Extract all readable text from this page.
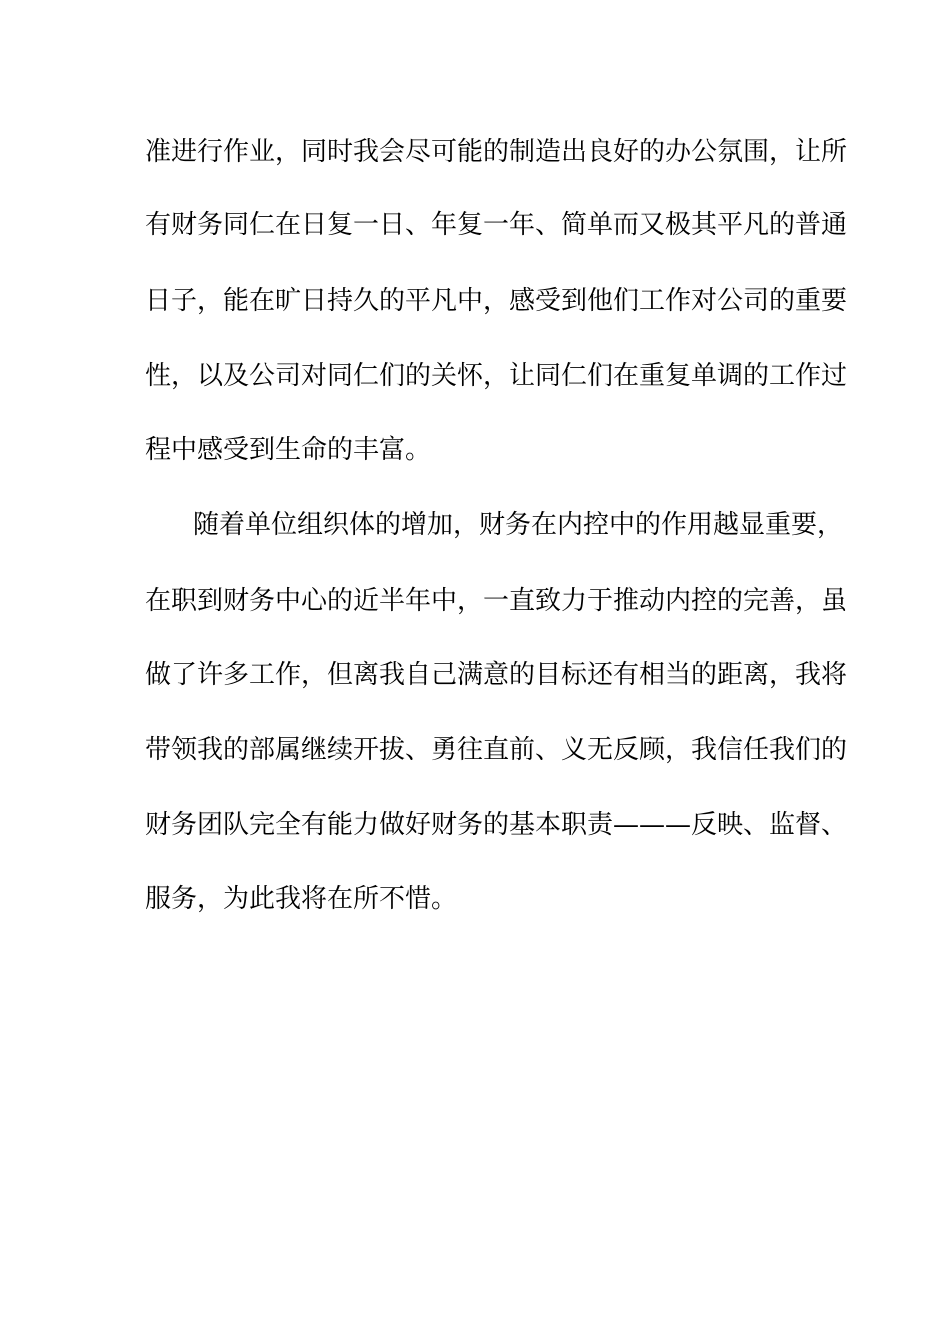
准进行作业，同时我会尽可能的制造出良好的办公氛围，让所
有财务同仁在日复一日、年复一年、简单而又极其平凡的普通
日子，能在旷日持久的平凡中，感受到他们工作对公司的重要
性，以及公司对同仁们的关怀，让同仁们在重复单调的工作过
程中感受到生命的丰富。
随着单位组织体的增加，财务在内控中的作用越显重要，
在职到财务中心的近半年中，一直致力于推动内控的完善，虽
做了许多工作，但离我自己满意的目标还有相当的距离，我将
带领我的部属继续开拔、勇往直前、义无反顾，我信任我们的
财务团队完全有能力做好财务的基本职责———反映、监督、
服务，为此我将在所不惜。
